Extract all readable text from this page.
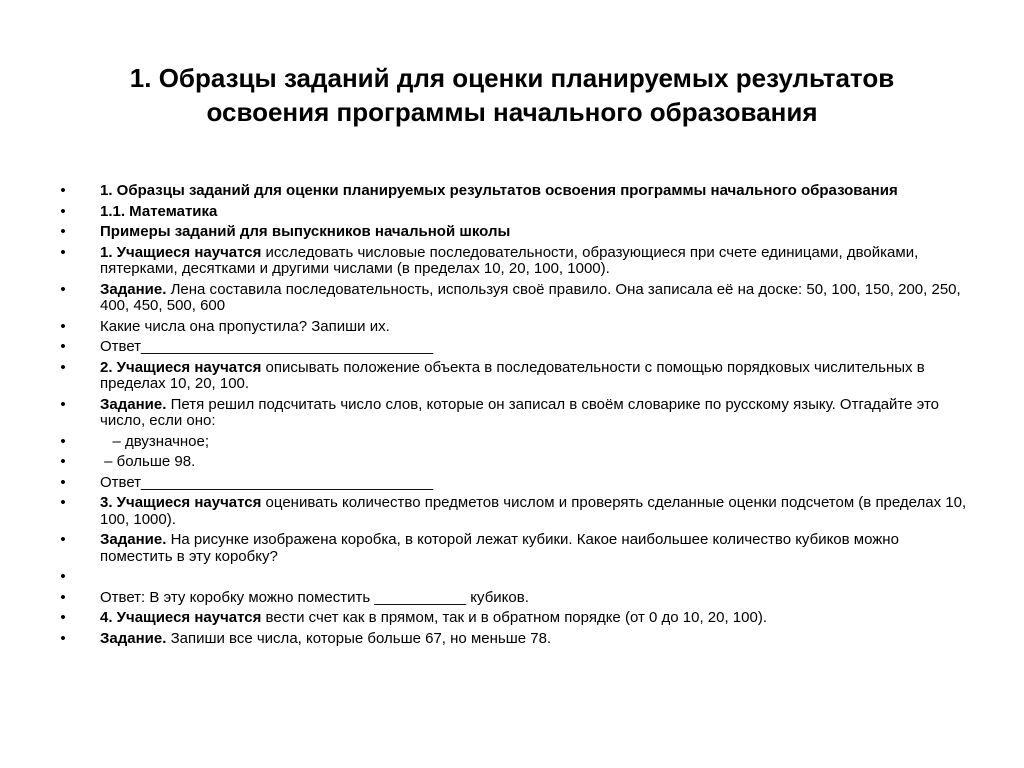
1. Образцы заданий для оценки планируемых результатов
освоения программы начального образования
• 1. Образцы заданий для оценки планируемых результатов освоения программы начального образования
• 1.1. Математика
• Примеры заданий для выпускников начальной школы
• 1. Учащиеся научатся исследовать числовые последовательности, образующиеся при счете единицами, двойками, пятерками, десятками и другими числами (в пределах 10, 20, 100, 1000).
• Задание. Лена составила последовательность, используя своё правило. Она записала её на доске: 50, 100, 150, 200, 250, 400, 450, 500, 600
• Какие числа она пропустила? Запиши их.
• Ответ___________________________________
• 2. Учащиеся научатся описывать положение объекта в последовательности с помощью порядковых числительных в пределах 10, 20, 100.
• Задание. Петя решил подсчитать число слов, которые он записал в своём словарике по русскому языку. Отгадайте это число, если оно:
• – двузначное;
• – больше 98.
• Ответ___________________________________
• 3. Учащиеся научатся оценивать количество предметов числом и проверять сделанные оценки подсчетом (в пределах 10, 100, 1000).
• Задание. На рисунке изображена коробка, в которой лежат кубики. Какое наибольшее количество кубиков можно поместить в эту коробку?
•
• Ответ: В эту коробку можно поместить ___________ кубиков.
• 4. Учащиеся научатся вести счет как в прямом, так и в обратном порядке (от 0 до 10, 20, 100).
• Задание. Запиши все числа, которые больше 67, но меньше 78.
